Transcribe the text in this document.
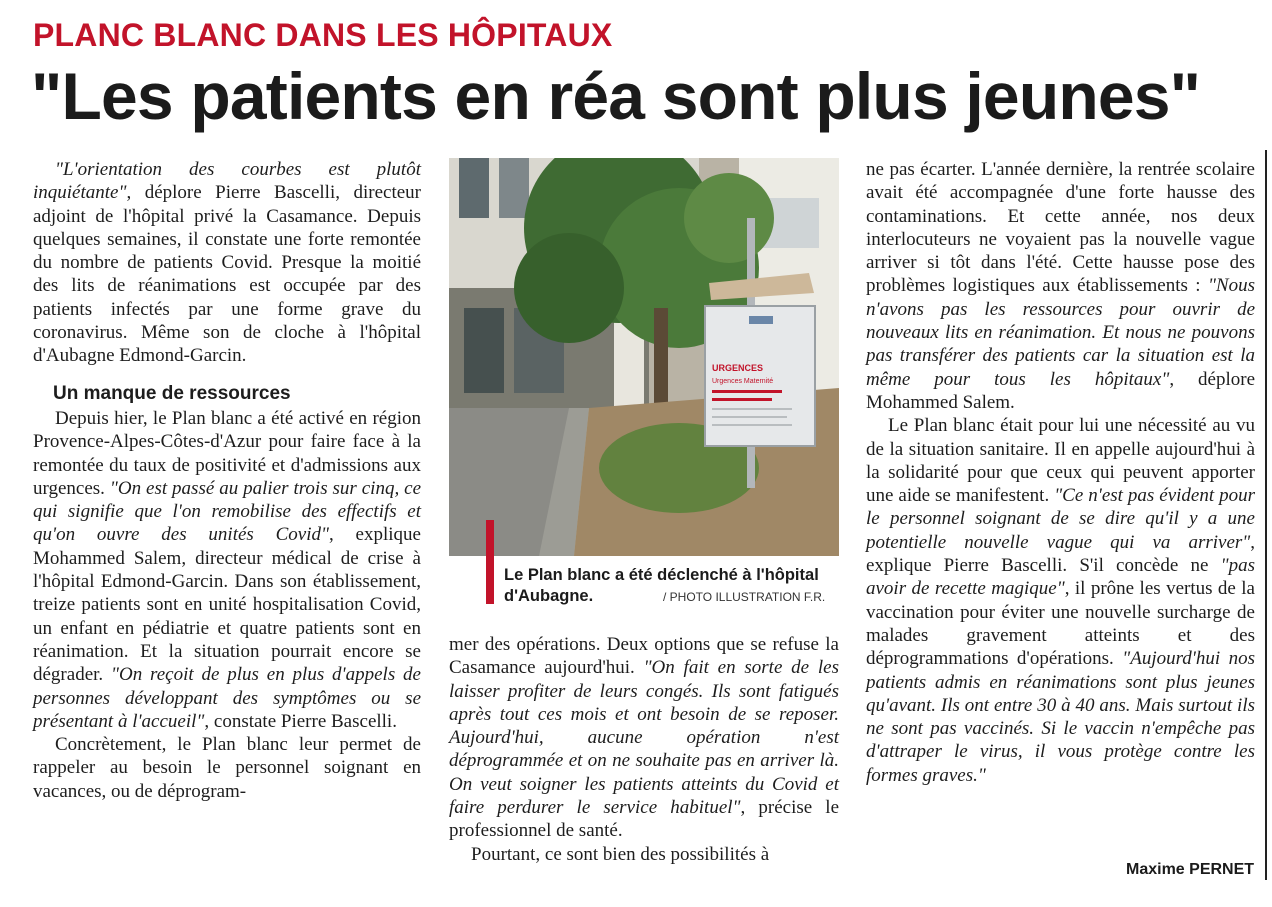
PLANC BLANC DANS LES HÔPITAUX
"Les patients en réa sont plus jeunes"

"L'orientation des courbes est plutôt inquiétante", déplore Pierre Bascelli, directeur adjoint de l'hôpital privé la Casamance. Depuis quelques semaines, il constate une forte remontée du nombre de patients Covid. Presque la moitié des lits de réanimations est occupée par des patients infectés par une forme grave du coronavirus. Même son de cloche à l'hôpital d'Aubagne Edmond-Garcin.

Un manque de ressources

Depuis hier, le Plan blanc a été activé en région Provence-Alpes-Côtes-d'Azur pour faire face à la remontée du taux de positivité et d'admissions aux urgences. "On est passé au palier trois sur cinq, ce qui signifie que l'on remobilise des effectifs et qu'on ouvre des unités Covid", explique Mohammed Salem, directeur médical de crise à l'hôpital Edmond-Garcin. Dans son établissement, treize patients sont en unité hospitalisation Covid, un enfant en pédiatrie et quatre patients sont en réanimation. Et la situation pourrait encore se dégrader. "On reçoit de plus en plus d'appels de personnes développant des symptômes ou se présentant à l'accueil", constate Pierre Bascelli.

Concrètement, le Plan blanc leur permet de rappeler au besoin le personnel soignant en vacances, ou de déprogram-

URGENCES
Urgences Maternité
Le Plan blanc a été déclenché à l'hôpital d'Aubagne.	/ PHOTO ILLUSTRATION F.R.

mer des opérations. Deux options que se refuse la Casamance aujourd'hui. "On fait en sorte de les laisser profiter de leurs congés. Ils sont fatigués après tout ces mois et ont besoin de se reposer. Aujourd'hui, aucune opération n'est déprogrammée et on ne souhaite pas en arriver là. On veut soigner les patients atteints du Covid et faire perdurer le service habituel", précise le professionnel de santé.

Pourtant, ce sont bien des possibilités à

ne pas écarter. L'année dernière, la rentrée scolaire avait été accompagnée d'une forte hausse des contaminations. Et cette année, nos deux interlocuteurs ne voyaient pas la nouvelle vague arriver si tôt dans l'été. Cette hausse pose des problèmes logistiques aux établissements : "Nous n'avons pas les ressources pour ouvrir de nouveaux lits en réanimation. Et nous ne pouvons pas transférer des patients car la situation est la même pour tous les hôpitaux", déplore Mohammed Salem.

Le Plan blanc était pour lui une nécessité au vu de la situation sanitaire. Il en appelle aujourd'hui à la solidarité pour que ceux qui peuvent apporter une aide se manifestent. "Ce n'est pas évident pour le personnel soignant de se dire qu'il y a une potentielle nouvelle vague qui va arriver", explique Pierre Bascelli. S'il concède ne "pas avoir de recette magique", il prône les vertus de la vaccination pour éviter une nouvelle surcharge de malades gravement atteints et des déprogrammations d'opérations. "Aujourd'hui nos patients admis en réanimations sont plus jeunes qu'avant. Ils ont entre 30 à 40 ans. Mais surtout ils ne sont pas vaccinés. Si le vaccin n'empêche pas d'attraper le virus, il vous protège contre les formes graves."

Maxime PERNET
